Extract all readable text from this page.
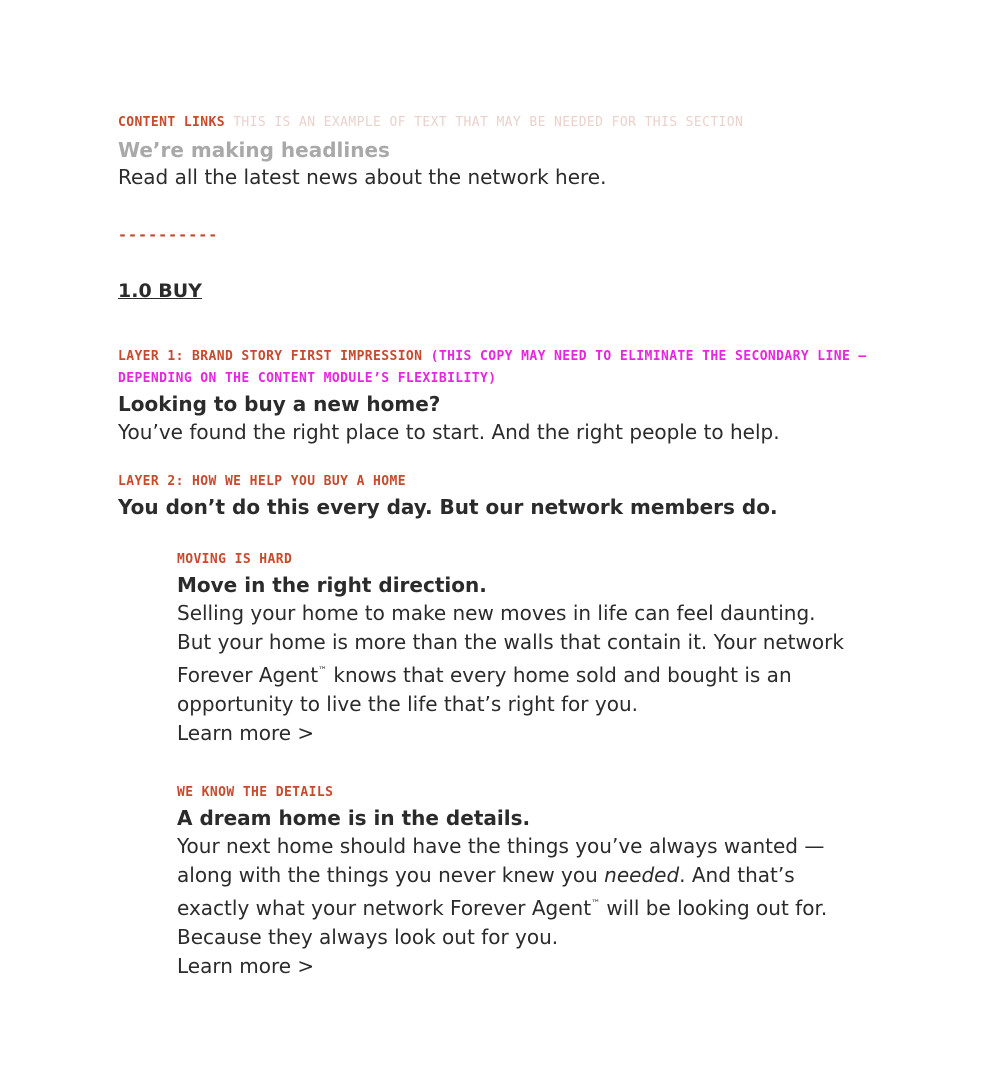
CONTENT LINKS THIS IS AN EXAMPLE OF TEXT THAT MAY BE NEEDED FOR THIS SECTION
We’re making headlines
Read all the latest news about the network here.
----------
1.0 BUY
LAYER 1: BRAND STORY FIRST IMPRESSION (THIS COPY MAY NEED TO ELIMINATE THE SECONDARY LINE — DEPENDING ON THE CONTENT MODULE’S FLEXIBILITY)
Looking to buy a new home?
You’ve found the right place to start. And the right people to help.
LAYER 2: HOW WE HELP YOU BUY A HOME
You don’t do this every day. But our network members do.
MOVING IS HARD
Move in the right direction.
Selling your home to make new moves in life can feel daunting.
But your home is more than the walls that contain it. Your network
Forever Agent™ knows that every home sold and bought is an
opportunity to live the life that’s right for you.
Learn more >
WE KNOW THE DETAILS
A dream home is in the details.
Your next home should have the things you’ve always wanted —
along with the things you never knew you needed. And that’s
exactly what your network Forever Agent™ will be looking out for.
Because they always look out for you.
Learn more >
